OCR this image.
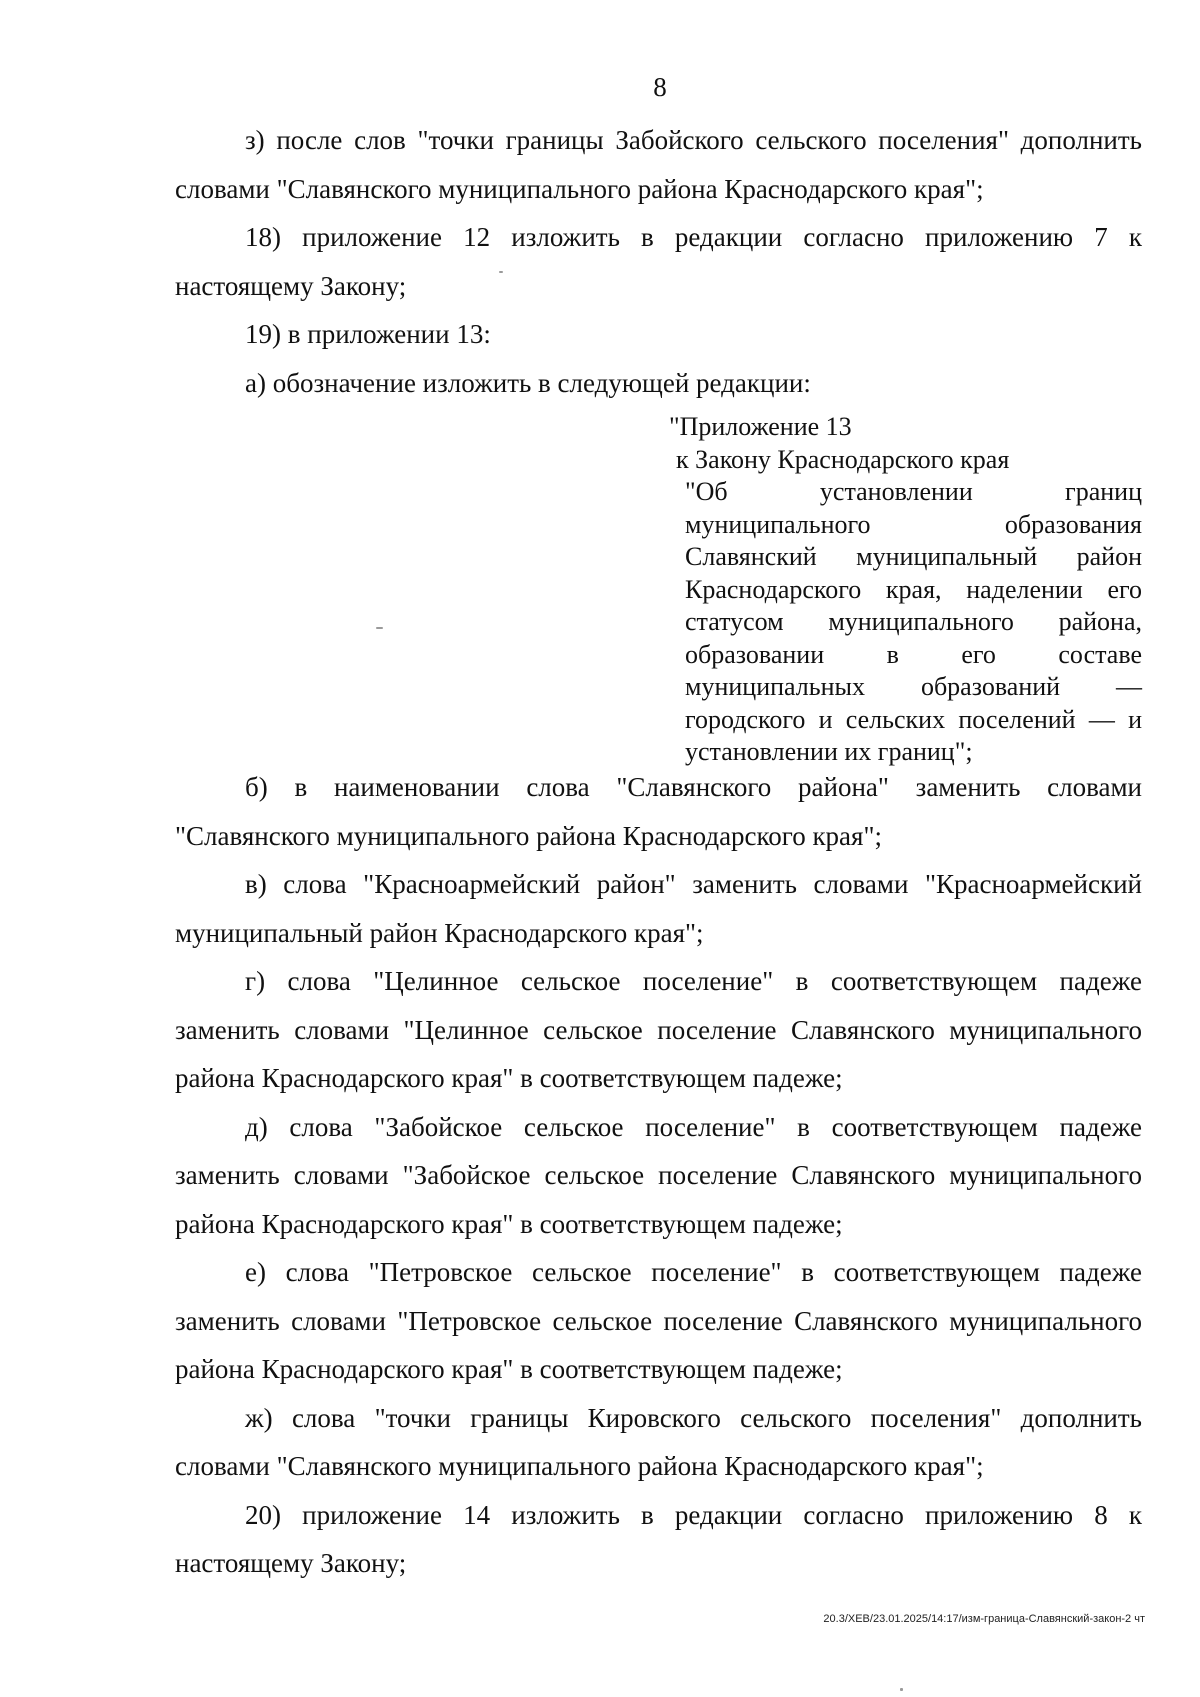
8

з) после слов "точки границы Забойского сельского поселения" дополнить словами "Славянского муниципального района Краснодарского края";

18) приложение 12 изложить в редакции согласно приложению 7 к настоящему Закону;

19) в приложении 13:

а) обозначение изложить в следующей редакции:

"Приложение 13
к Закону Краснодарского края
"Об установлении границ муниципального образования Славянский муниципальный район Краснодарского края, наделении его статусом муниципального района, образовании в его составе муниципальных образований — городского и сельских поселений — и установлении их границ";

б) в наименовании слова "Славянского района" заменить словами "Славянского муниципального района Краснодарского края";

в) слова "Красноармейский район" заменить словами "Красноармейский муниципальный район Краснодарского края";

г) слова "Целинное сельское поселение" в соответствующем падеже заменить словами "Целинное сельское поселение Славянского муниципального района Краснодарского края" в соответствующем падеже;

д) слова "Забойское сельское поселение" в соответствующем падеже заменить словами "Забойское сельское поселение Славянского муниципального района Краснодарского края" в соответствующем падеже;

е) слова "Петровское сельское поселение" в соответствующем падеже заменить словами "Петровское сельское поселение Славянского муниципального района Краснодарского края" в соответствующем падеже;

ж) слова "точки границы Кировского сельского поселения" дополнить словами "Славянского муниципального района Краснодарского края";

20) приложение 14 изложить в редакции согласно приложению 8 к настоящему Закону;

20.3/ХЕВ/23.01.2025/14:17/изм-граница-Славянский-закон-2 чт
